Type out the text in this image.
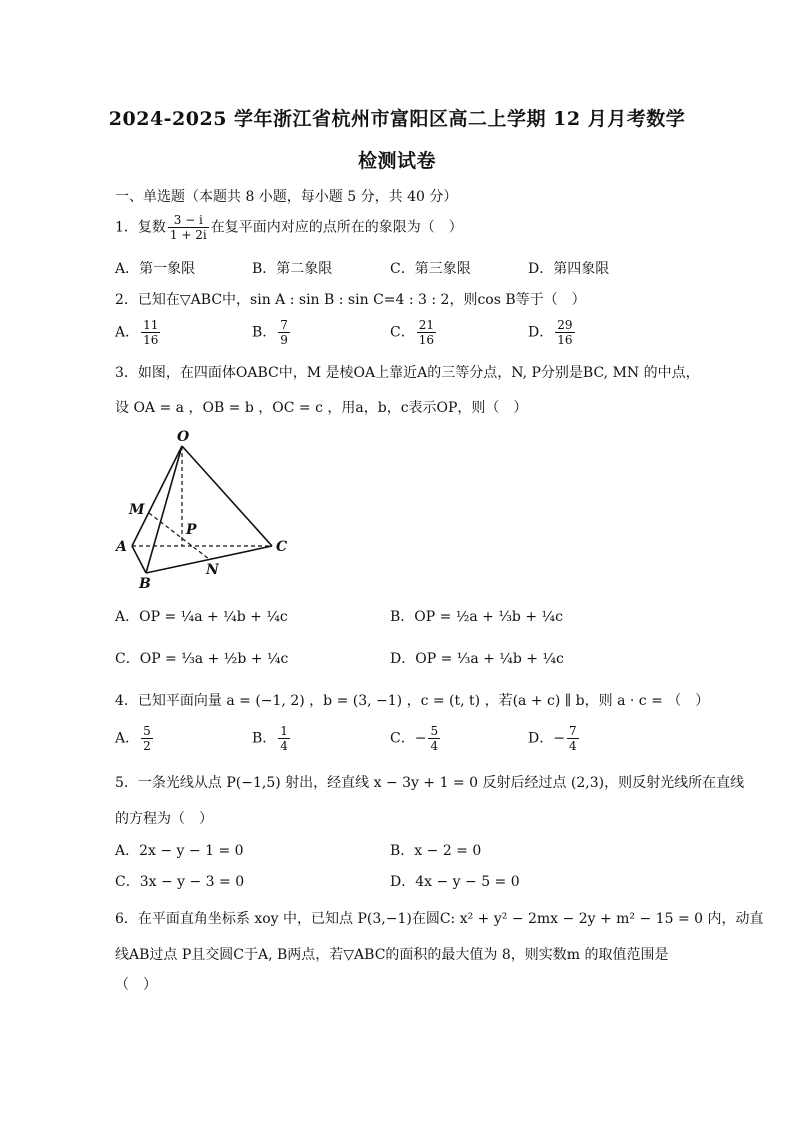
2024-2025 学年浙江省杭州市富阳区高二上学期 12 月月考数学
检测试卷
一、单选题（本题共 8 小题，每小题 5 分，共 40 分）
1．复数 $\frac{3 - i}{1 + 2i}$ 在复平面内对应的点所在的象限为（　）
A．第一象限	B．第二象限	C．第三象限	D．第四象限
2．已知在▽ABC中，sin A : sin B : sin C=4 : 3 : 2，则cos B等于（　）
A． $\frac{11}{16}$	B． $\frac{7}{9}$	C． $\frac{21}{16}$	D． $\frac{29}{16}$
3．如图，在四面体OABC中，M 是棱OA上靠近A的三等分点，N, P分别是BC, MN 的中点，
设 OA = a ，OB = b ，OC = c ，用a，b，c表示OP，则（　）
O
M
P
A
B
N
C
A．OP = ¼a + ¼b + ¼c	B．OP = ½a + ⅓b + ¼c
C．OP = ⅓a + ½b + ¼c	D．OP = ⅓a + ¼b + ¼c
4．已知平面向量 a = (−1, 2) ，b = (3, −1) ，c = (t, t) ，若(a + c) ∥ b，则 a · c = （　）
A． $\frac{5}{2}$	B． $\frac{1}{4}$	C．− $\frac{5}{4}$	D．− $\frac{7}{4}$
5．一条光线从点 P(−1,5) 射出，经直线 x − 3y + 1 = 0 反射后经过点 (2,3)，则反射光线所在直线
的方程为（　）
A．2x − y − 1 = 0	B．x − 2 = 0
C．3x − y − 3 = 0	D．4x − y − 5 = 0
6．在平面直角坐标系 xoy 中，已知点 P(3,−1)在圆C: x² + y² − 2mx − 2y + m² − 15 = 0 内，动直
线AB过点 P且交圆C于A, B两点，若▽ABC的面积的最大值为 8，则实数m 的取值范围是
（　）
